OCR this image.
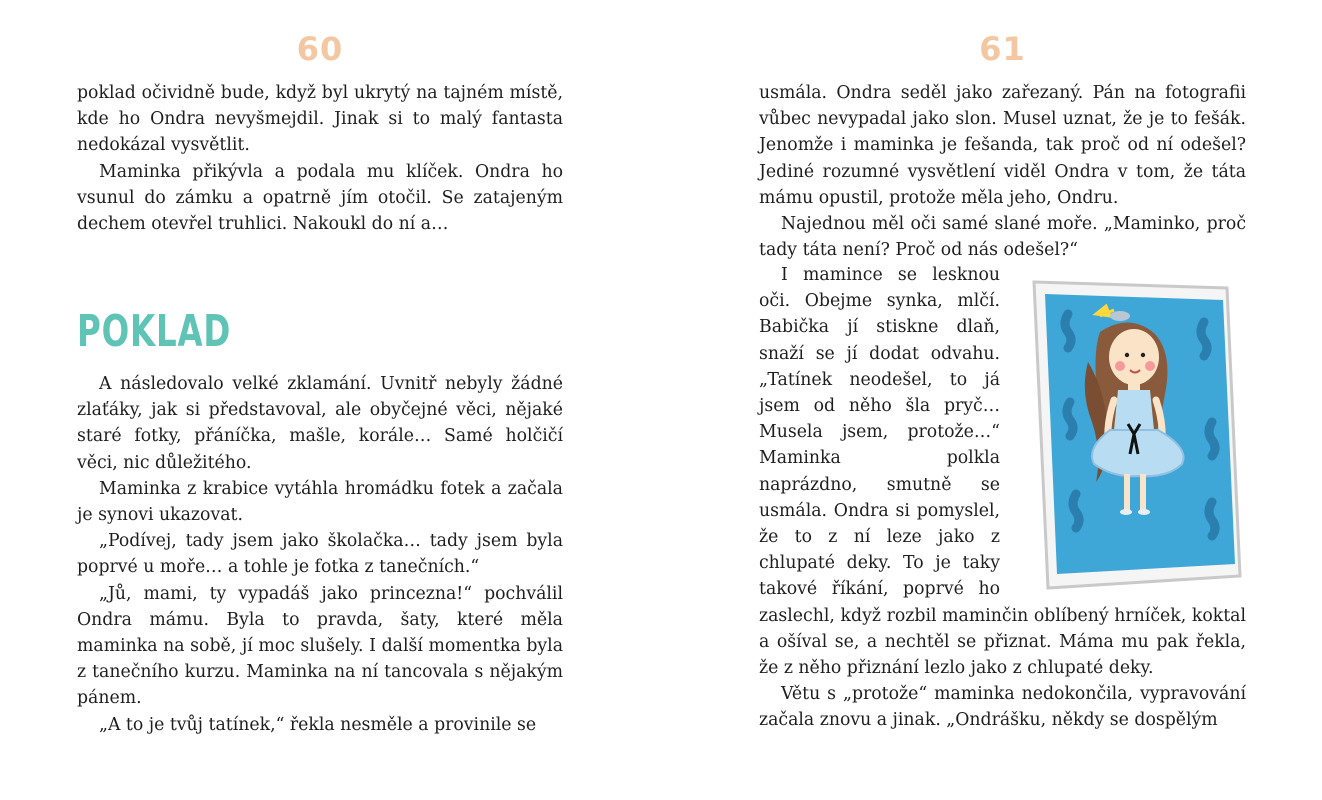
60

poklad očividně bude, když byl ukrytý na tajném místě, kde ho Ondra nevyšmejdil. Jinak si to malý fantasta nedokázal vysvětlit.

Maminka přikývla a podala mu klíček. Ondra ho vsunul do zámku a opatrně jím otočil. Se zatajeným dechem otevřel truhlici. Nakoukl do ní a…

POKLAD

A následovalo velké zklamání. Uvnitř nebyly žádné zlaťáky, jak si představoval, ale obyčejné věci, nějaké staré fotky, přáníčka, mašle, korále… Samé holčičí věci, nic důležitého.

Maminka z krabice vytáhla hromádku fotek a začala je synovi ukazovat.

„Podívej, tady jsem jako školačka… tady jsem byla poprvé u moře… a tohle je fotka z tanečních.“

„Jů, mami, ty vypadáš jako princezna!“ pochválil Ondra mámu. Byla to pravda, šaty, které měla maminka na sobě, jí moc slušely. I další momentka byla z tanečního kurzu. Maminka na ní tancovala s nějakým pánem.

„A to je tvůj tatínek,“ řekla nesměle a provinile se

61

usmála. Ondra seděl jako zařezaný. Pán na fotografii vůbec nevypadal jako slon. Musel uznat, že je to fešák. Jenomže i maminka je fešanda, tak proč od ní odešel? Jediné rozumné vysvětlení viděl Ondra v tom, že táta mámu opustil, protože měla jeho, Ondru.

Najednou měl oči samé slané moře. „Maminko, proč tady táta není? Proč od nás odešel?“

I mamince se lesknou oči. Obejme synka, mlčí. Babička jí stiskne dlaň, snaží se jí dodat odvahu. „Tatínek neodešel, to já jsem od něho šla pryč… Musela jsem, protože…“ Maminka polkla naprázdno, smutně se usmála. Ondra si pomyslel, že to z ní leze jako z chlupaté deky. To je taky takové říkání, poprvé ho zaslechl, když rozbil maminčin oblíbený hrníček, koktal a ošíval se, a nechtěl se přiznat. Máma mu pak řekla, že z něho přiznání lezlo jako z chlupaté deky.

Větu s „protože“ maminka nedokončila, vypravování začala znovu a jinak. „Ondrášku, někdy se dospělým
